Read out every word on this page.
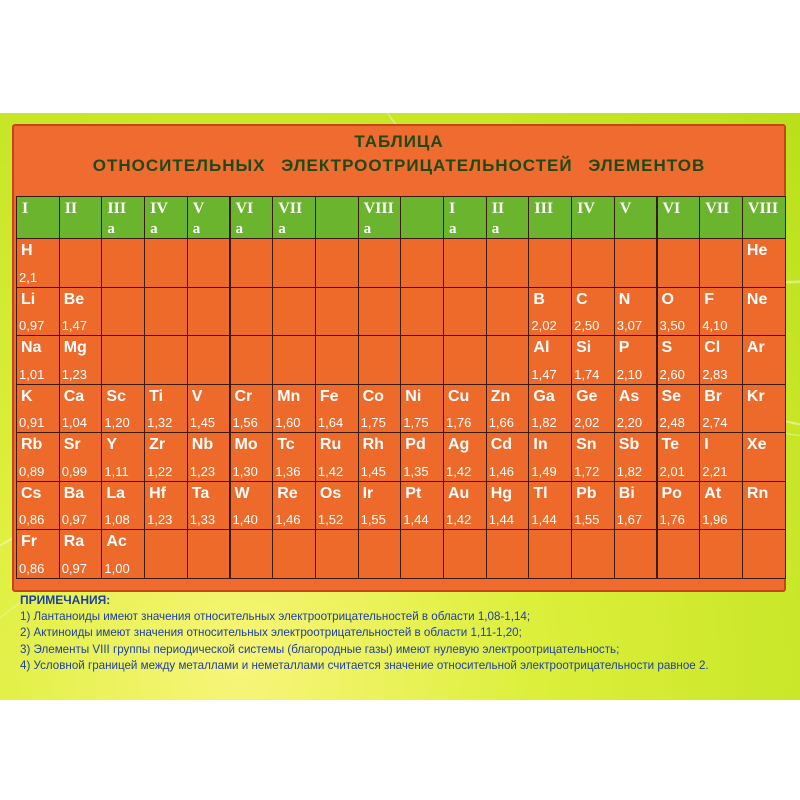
ТАБЛИЦА
ОТНОСИТЕЛЬНЫХ ЭЛЕКТРООТРИЦАТЕЛЬНОСТЕЙ ЭЛЕМЕНТОВ
I II III
а
IV
а
V
а
VI
а
VII
а
VIII
а
I
а
II
а
III IV V VI VII VIII
H
2,1
He
Li
0,97
Be
1,47
B
2,02
C
2,50
N
3,07
O
3,50
F
4,10
Ne
Na
1,01
Mg
1,23
Al
1,47
Si
1,74
P
2,10
S
2,60
Cl
2,83
Ar
K
0,91
Ca
1,04
Sc
1,20
Ti
1,32
V
1,45
Cr
1,56
Mn
1,60
Fe
1,64
Co
1,75
Ni
1,75
Cu
1,76
Zn
1,66
Ga
1,82
Ge
2,02
As
2,20
Se
2,48
Br
2,74
Kr
Rb
0,89
Sr
0,99
Y
1,11
Zr
1,22
Nb
1,23
Mo
1,30
Tc
1,36
Ru
1,42
Rh
1,45
Pd
1,35
Ag
1,42
Cd
1,46
In
1,49
Sn
1,72
Sb
1,82
Te
2,01
I
2,21
Xe
Cs
0,86
Ba
0,97
La
1,08
Hf
1,23
Ta
1,33
W
1,40
Re
1,46
Os
1,52
Ir
1,55
Pt
1,44
Au
1,42
Hg
1,44
Tl
1,44
Pb
1,55
Bi
1,67
Po
1,76
At
1,96
Rn
Fr
0,86
Ra
0,97
Ac
1,00
ПРИМЕЧАНИЯ:
1) Лантаноиды имеют значения относительных электроотрицательностей в области 1,08-1,14;
2) Актиноиды имеют значения относительных электроотрицательностей в области 1,11-1,20;
3) Элементы VIII группы периодической системы (благородные газы) имеют нулевую электроотрицательность;
4) Условной границей между металлами и неметаллами считается значение относительной электроотрицательности равное 2.
